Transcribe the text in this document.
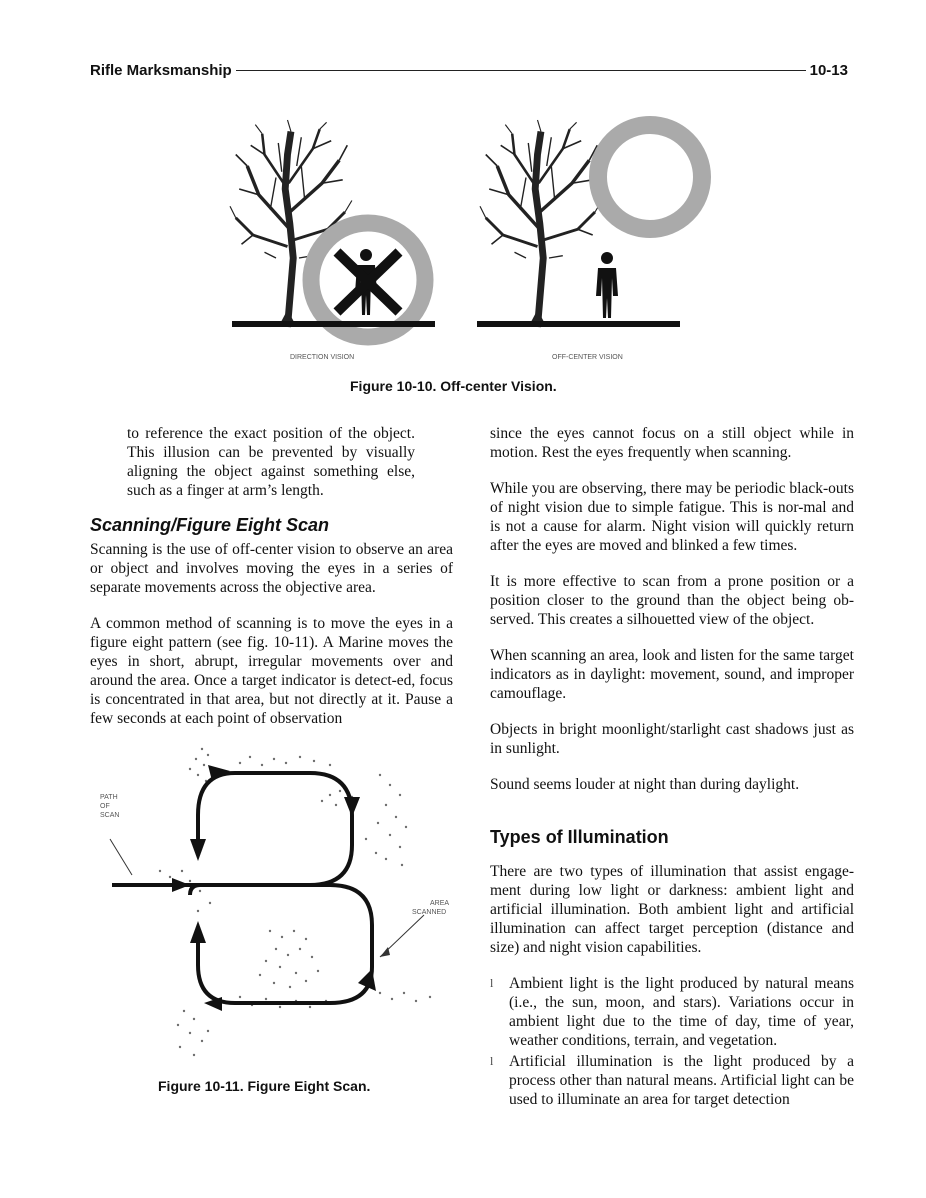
Rifle Marksmanship	10-13
DIRECTION VISION	OFF-CENTER VISION
Figure 10-10. Off-center Vision.

to reference the exact position of the object. This illusion can be prevented by visually aligning the object against something else, such as a finger at arm’s length.

Scanning/Figure Eight Scan

Scanning is the use of off-center vision to observe an area or object and involves moving the eyes in a series of separate movements across the objective area.

A common method of scanning is to move the eyes in a figure eight pattern (see fig. 10-11). A Marine moves the eyes in short, abrupt, irregular movements over and around the area. Once a target indicator is detect-ed, focus is concentrated in that area, but not directly at it. Pause a few seconds at each point of observation

PATH
OF
SCAN
AREA
SCANNED
Figure 10-11. Figure Eight Scan.

since the eyes cannot focus on a still object while in motion. Rest the eyes frequently when scanning.

While you are observing, there may be periodic black-outs of night vision due to simple fatigue. This is nor-mal and is not a cause for alarm. Night vision will quickly return after the eyes are moved and blinked a few times.

It is more effective to scan from a prone position or a position closer to the ground than the object being ob-served. This creates a silhouetted view of the object.

When scanning an area, look and listen for the same target indicators as in daylight: movement, sound, and improper camouflage.

Objects in bright moonlight/starlight cast shadows just as in sunlight.

Sound seems louder at night than during daylight.

Types of Illumination

There are two types of illumination that assist engage-ment during low light or darkness: ambient light and artificial illumination. Both ambient light and artificial illumination can affect target perception (distance and size) and night vision capabilities.

l Ambient light is the light produced by natural means (i.e., the sun, moon, and stars). Variations occur in ambient light due to the time of day, time of year, weather conditions, terrain, and vegetation.
l Artificial illumination is the light produced by a process other than natural means. Artificial light can be used to illuminate an area for target detection
